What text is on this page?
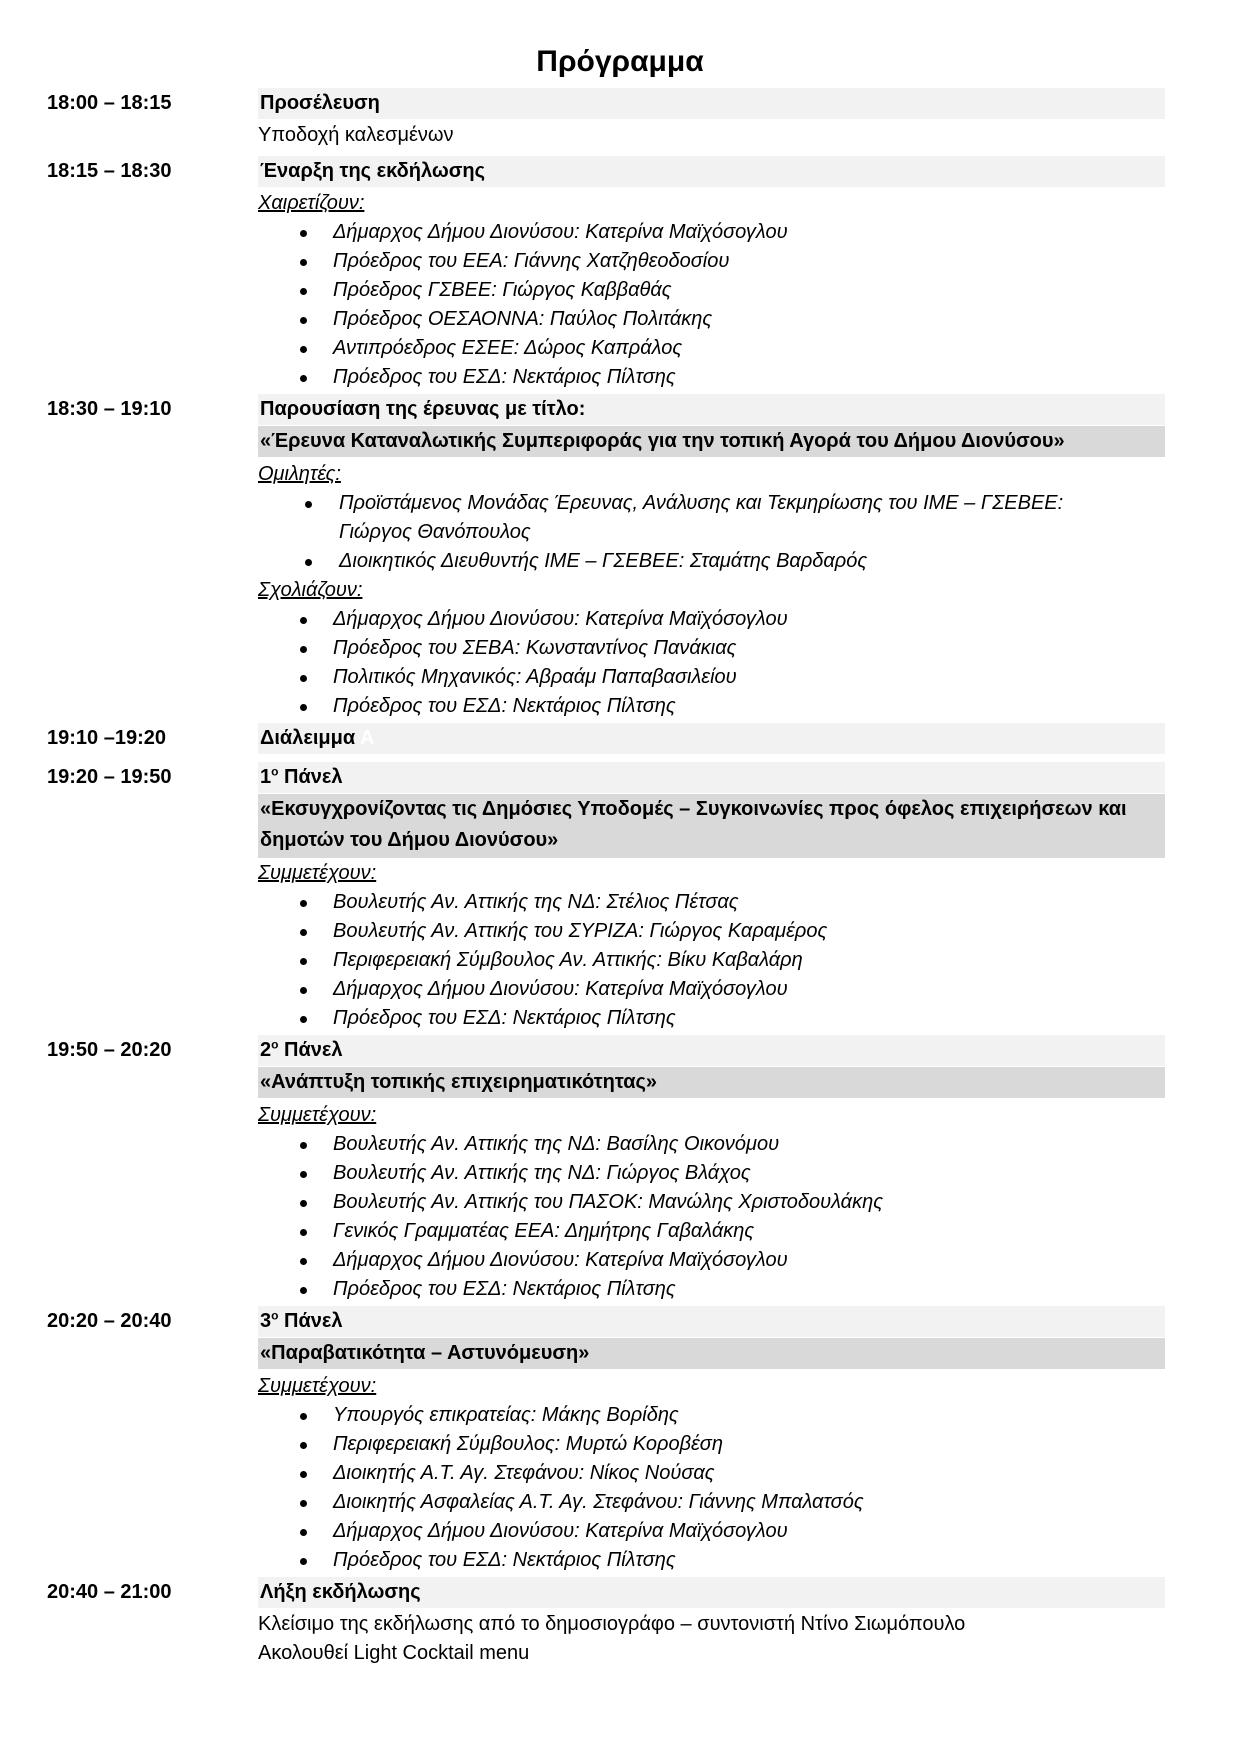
Πρόγραμμα
18:00 – 18:15	Προσέλευση
Υποδοχή καλεσμένων
18:15 – 18:30	Έναρξη της εκδήλωσης
Χαιρετίζουν:
Δήμαρχος Δήμου Διονύσου: Κατερίνα Μαϊχόσογλου
Πρόεδρος του ΕΕΑ: Γιάννης Χατζηθεοδοσίου
Πρόεδρος ΓΣΒΕΕ: Γιώργος Καββαθάς
Πρόεδρος ΟΕΣΑΟΝΝΑ: Παύλος Πολιτάκης
Αντιπρόεδρος ΕΣΕΕ: Δώρος Καπράλος
Πρόεδρος του ΕΣΔ: Νεκτάριος Πίλτσης
18:30 – 19:10	Παρουσίαση της έρευνας με τίτλο:
«Έρευνα Καταναλωτικής Συμπεριφοράς για την τοπική Αγορά του Δήμου Διονύσου»
Ομιλητές:
Προϊστάμενος Μονάδας Έρευνας, Ανάλυσης και Τεκμηρίωσης του ΙΜΕ – ΓΣΕΒΕΕ:
Γιώργος Θανόπουλος
Διοικητικός Διευθυντής ΙΜΕ – ΓΣΕΒΕΕ: Σταμάτης Βαρδαρός
Σχολιάζουν:
Δήμαρχος Δήμου Διονύσου: Κατερίνα Μαϊχόσογλου
Πρόεδρος του ΣΕΒΑ: Κωνσταντίνος Πανάκιας
Πολιτικός Μηχανικός: Αβραάμ Παπαβασιλείου
Πρόεδρος του ΕΣΔ: Νεκτάριος Πίλτσης
19:10 –19:20	Διάλειμμα Α
19:20 – 19:50	$1^o$ Πάνελ
«Εκσυγχρονίζοντας τις Δημόσιες Υποδομές – Συγκοινωνίες προς όφελος επιχειρήσεων και
δημοτών του Δήμου Διονύσου»
Συμμετέχουν:
Βουλευτής Αν. Αττικής της ΝΔ: Στέλιος Πέτσας
Βουλευτής Αν. Αττικής του ΣΥΡΙΖΑ: Γιώργος Καραμέρος
Περιφερειακή Σύμβουλος Αν. Αττικής: Βίκυ Καβαλάρη
Δήμαρχος Δήμου Διονύσου: Κατερίνα Μαϊχόσογλου
Πρόεδρος του ΕΣΔ: Νεκτάριος Πίλτσης
19:50 – 20:20	$2^o$ Πάνελ
«Ανάπτυξη τοπικής επιχειρηματικότητας»
Συμμετέχουν:
Βουλευτής Αν. Αττικής της ΝΔ: Βασίλης Οικονόμου
Βουλευτής Αν. Αττικής της ΝΔ: Γιώργος Βλάχος
Βουλευτής Αν. Αττικής του ΠΑΣΟΚ: Μανώλης Χριστοδουλάκης
Γενικός Γραμματέας ΕΕΑ: Δημήτρης Γαβαλάκης
Δήμαρχος Δήμου Διονύσου: Κατερίνα Μαϊχόσογλου
Πρόεδρος του ΕΣΔ: Νεκτάριος Πίλτσης
20:20 – 20:40	$3^o$ Πάνελ
«Παραβατικότητα – Αστυνόμευση»
Συμμετέχουν:
Υπουργός επικρατείας: Μάκης Βορίδης
Περιφερειακή Σύμβουλος: Μυρτώ Κοροβέση
Διοικητής Α.Τ. Αγ. Στεφάνου: Νίκος Νούσας
Διοικητής Ασφαλείας Α.Τ. Αγ. Στεφάνου: Γιάννης Μπαλατσός
Δήμαρχος Δήμου Διονύσου: Κατερίνα Μαϊχόσογλου
Πρόεδρος του ΕΣΔ: Νεκτάριος Πίλτσης
20:40 – 21:00	Λήξη εκδήλωσης
Κλείσιμο της εκδήλωσης από το δημοσιογράφο – συντονιστή Ντίνο Σιωμόπουλο
Ακολουθεί Light Cocktail menu
